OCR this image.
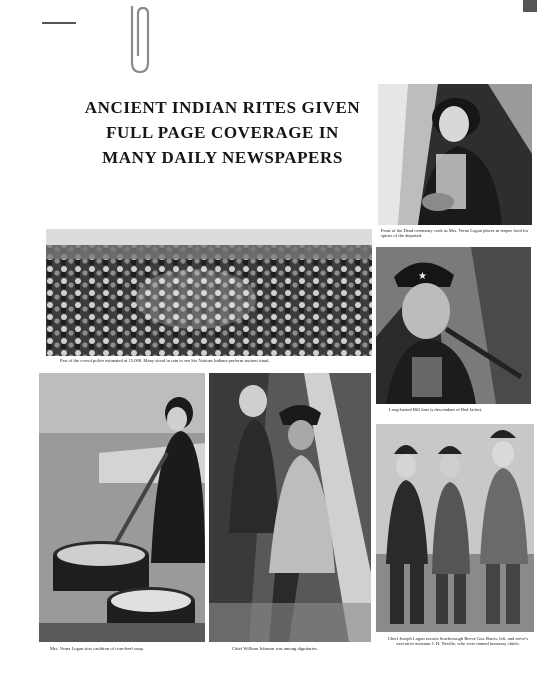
ANCIENT INDIAN RITES GIVEN
FULL PAGE COVERAGE IN
MANY DAILY NEWSPAPERS
Feast of the Dead ceremony cook as Mrs. Verna Logan places in teepee food for spirits of the departed.
Part of the crowd police estimated at 15,000. Many stood in rain to see Six Nations Indians perform ancient ritual.
★
Long-haired Bill Jons is descendant of Red Jacket.
Mrs. Verna Logan stirs cauldron of corn-beef soup.	Chief William Johnson was among dignitaries.
Chief Joseph Logan escorts Scarborough Reeve Gus Harris, left, and reeve's executive assistant J. H. Neville, who were named honorary chiefs.
